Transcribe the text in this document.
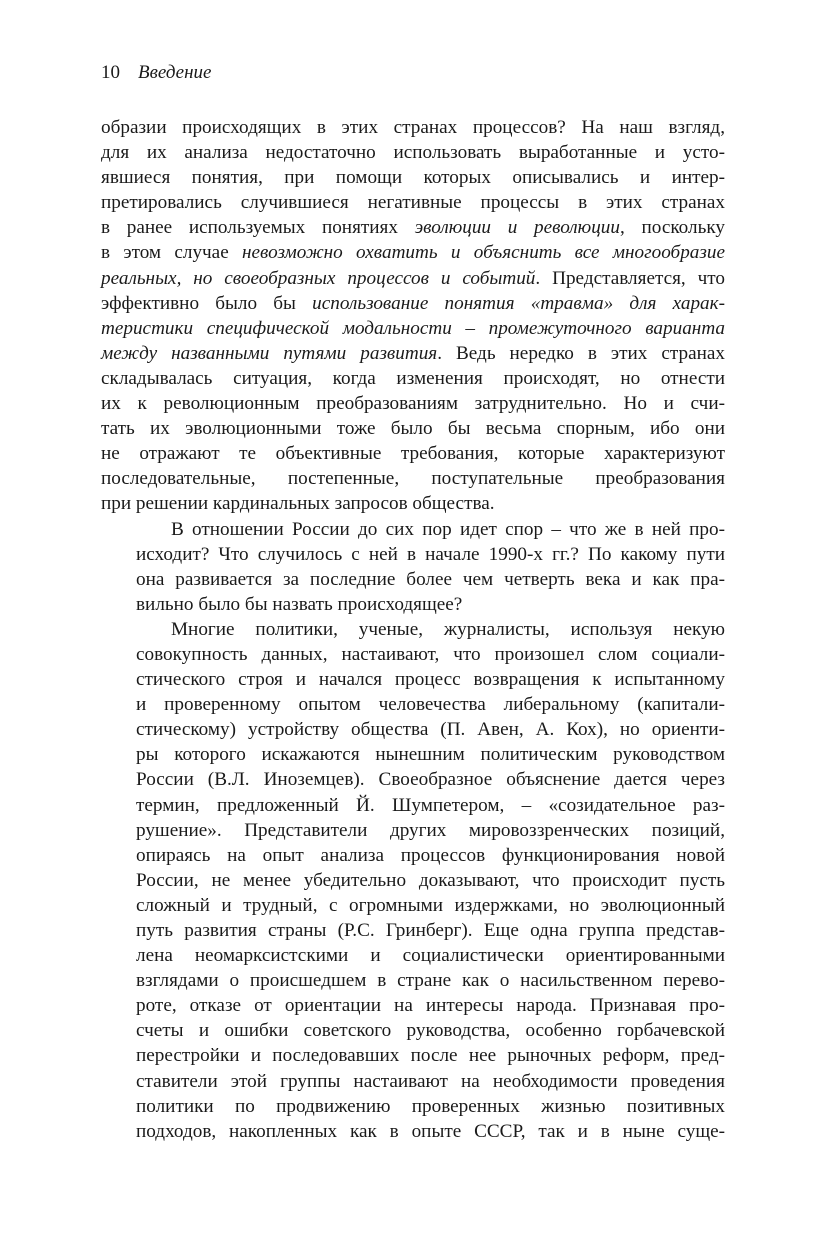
10 Введение

образии происходящих в этих странах процессов? На наш взгляд,
для их анализа недостаточно использовать выработанные и усто-
явшиеся понятия, при помощи которых описывались и интер-
претировались случившиеся негативные процессы в этих странах
в ранее используемых понятиях эволюции и революции, поскольку
в этом случае невозможно охватить и объяснить все многообразие
реальных, но своеобразных процессов и событий. Представляется, что
эффективно было бы использование понятия «травма» для харак-
теристики специфической модальности – промежуточного варианта
между названными путями развития. Ведь нередко в этих странах
складывалась ситуация, когда изменения происходят, но отнести
их к революционным преобразованиям затруднительно. Но и счи-
тать их эволюционными тоже было бы весьма спорным, ибо они
не отражают те объективные требования, которые характеризуют
последовательные, постепенные, поступательные преобразования
при решении кардинальных запросов общества.

В отношении России до сих пор идет спор – что же в ней про-
исходит? Что случилось с ней в начале 1990-х гг.? По какому пути
она развивается за последние более чем четверть века и как пра-
вильно было бы назвать происходящее?

Многие политики, ученые, журналисты, используя некую
совокупность данных, настаивают, что произошел слом социали-
стического строя и начался процесс возвращения к испытанному
и проверенному опытом человечества либеральному (капитали-
стическому) устройству общества (П. Авен, А. Кох), но ориенти-
ры которого искажаются нынешним политическим руководством
России (В.Л. Иноземцев). Своеобразное объяснение дается через
термин, предложенный Й. Шумпетером, – «созидательное раз-
рушение». Представители других мировоззренческих позиций,
опираясь на опыт анализа процессов функционирования новой
России, не менее убедительно доказывают, что происходит пусть
сложный и трудный, с огромными издержками, но эволюционный
путь развития страны (Р.С. Гринберг). Еще одна группа представ-
лена неомарксистскими и социалистически ориентированными
взглядами о происшедшем в стране как о насильственном перево-
роте, отказе от ориентации на интересы народа. Признавая про-
счеты и ошибки советского руководства, особенно горбачевской
перестройки и последовавших после нее рыночных реформ, пред-
ставители этой группы настаивают на необходимости проведения
политики по продвижению проверенных жизнью позитивных
подходов, накопленных как в опыте СССР, так и в ныне суще-
